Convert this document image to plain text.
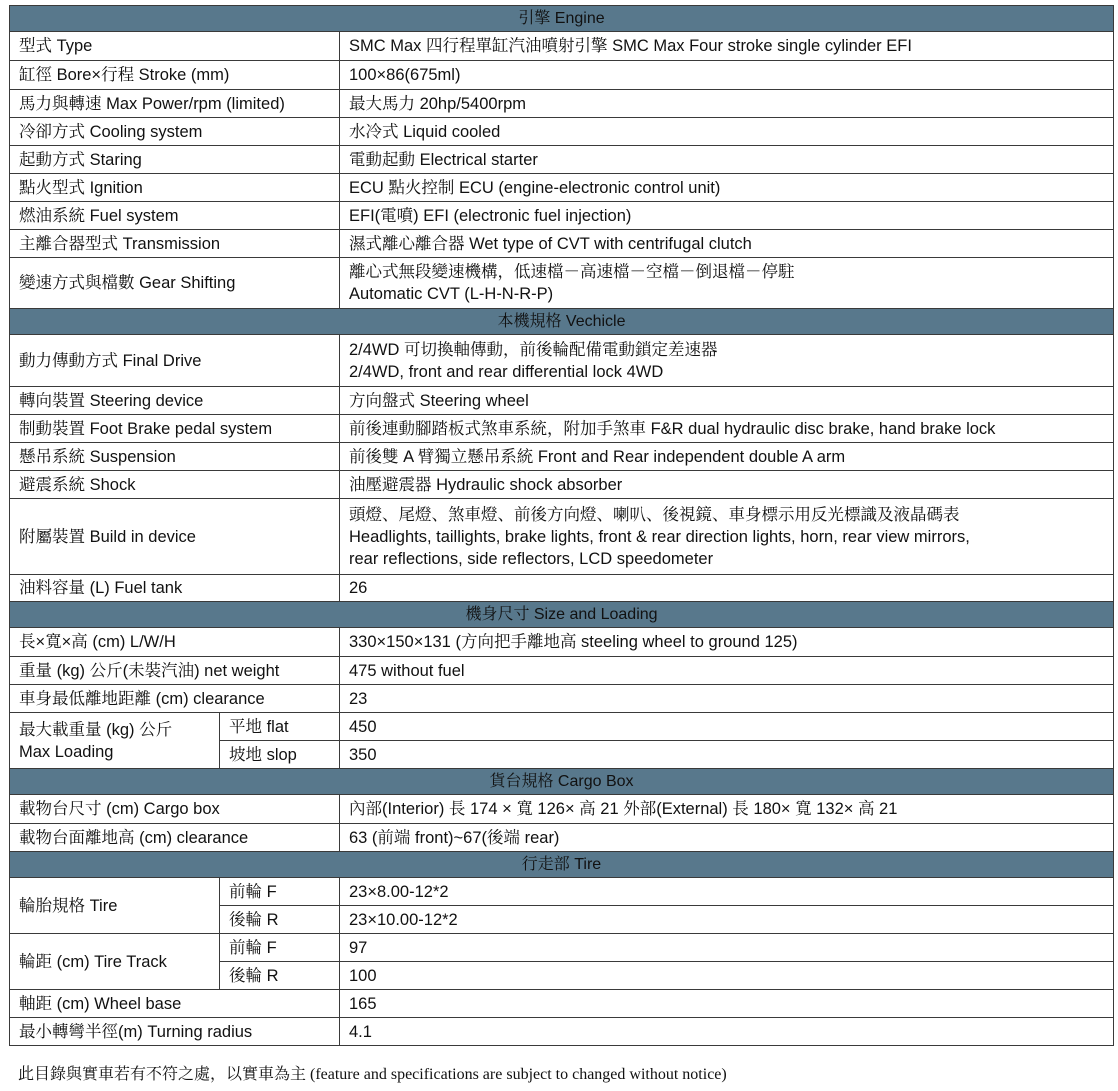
引擎 Engine		
型式 Type		SMC Max 四行程單缸汽油噴射引擎 SMC Max Four stroke single cylinder EFI
缸徑 Bore×行程 Stroke (mm)		100×86(675ml)
馬力與轉速 Max Power/rpm (limited)		最大馬力 20hp/5400rpm
冷卻方式 Cooling system		水冷式 Liquid cooled
起動方式 Staring		電動起動 Electrical starter
點火型式 Ignition		ECU 點火控制 ECU (engine-electronic control unit)
燃油系統 Fuel system		EFI(電噴) EFI (electronic fuel injection)
主離合器型式 Transmission		濕式離心離合器 Wet type of CVT with centrifugal clutch
變速方式與檔數 Gear Shifting		離心式無段變速機構，低速檔－高速檔－空檔－倒退檔－停駐
Automatic CVT (L-H-N-R-P)

本機規格 Vechicle		
動力傳動方式 Final Drive		2/4WD 可切換軸傳動，前後輪配備電動鎖定差速器
2/4WD, front and rear differential lock 4WD

轉向裝置 Steering device		方向盤式 Steering wheel
制動裝置 Foot Brake pedal system		前後連動腳踏板式煞車系統，附加手煞車 F&R dual hydraulic disc brake, hand brake lock
懸吊系統 Suspension		前後雙 A 臂獨立懸吊系統 Front and Rear independent double A arm
避震系統 Shock		油壓避震器 Hydraulic shock absorber
附屬裝置 Build in device		頭燈、尾燈、煞車燈、前後方向燈、喇叭、後視鏡、車身標示用反光標識及液晶碼表
Headlights, taillights, brake lights, front & rear direction lights, horn, rear view mirrors,
rear reflections, side reflectors, LCD speedometer

油料容量 (L) Fuel tank		26
機身尺寸 Size and Loading		
長×寬×高 (cm) L/W/H		330×150×131 (方向把手離地高 steeling wheel to ground 125)
重量 (kg) 公斤(未裝汽油) net weight		475 without fuel
車身最低離地距離 (cm) clearance		23

最大載重量 (kg) 公斤
Max Loading	平地 flat	450
	坡地 slop	350
貨台規格 Cargo Box		
載物台尺寸 (cm) Cargo box		內部(Interior) 長 174 × 寬 126× 高 21 外部(External) 長 180× 寬 132× 高 21
載物台面離地高 (cm) clearance		63 (前端 front)~67(後端 rear)
行走部 Tire		
輪胎規格 Tire	前輪 F	23×8.00-12*2
	後輪 R	23×10.00-12*2
輪距 (cm) Tire Track	前輪 F	97
	後輪 R	100
軸距 (cm) Wheel base		165
最小轉彎半徑(m) Turning radius		4.1
此目錄與實車若有不符之處，以實車為主 (feature and specifications are subject to changed without notice)
